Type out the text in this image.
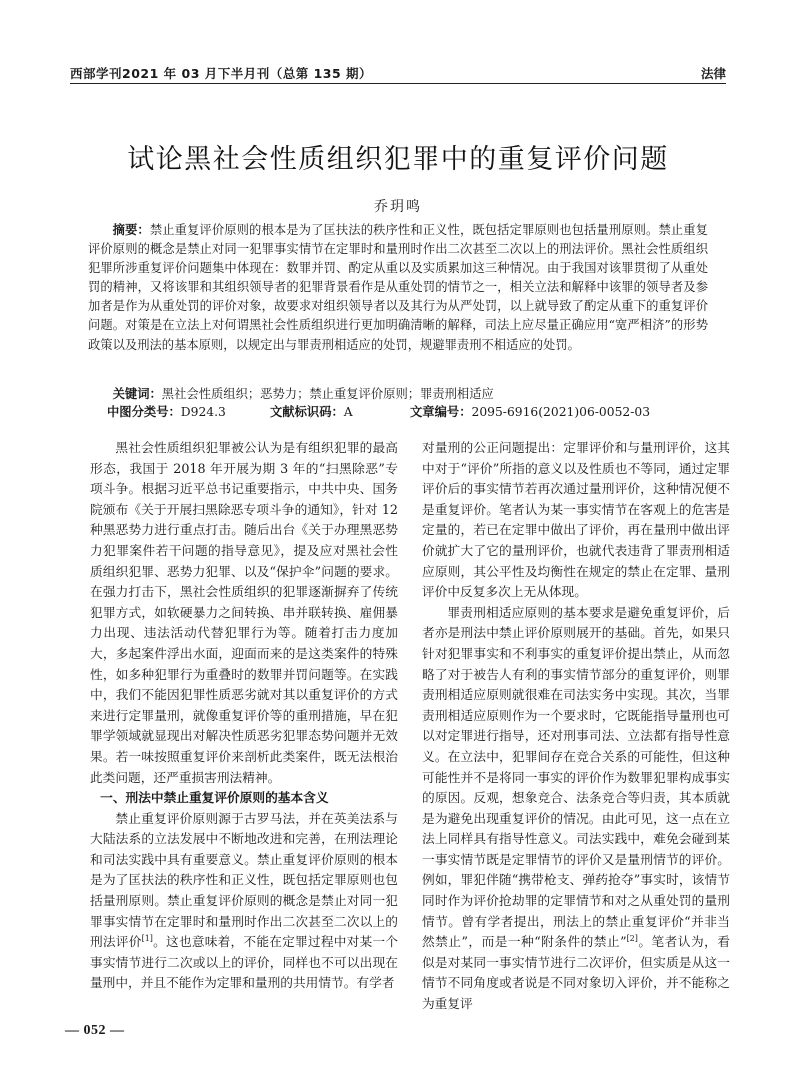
西部学刊2021 年 03 月下半月刊（总第 135 期）	法律
试论黑社会性质组织犯罪中的重复评价问题
乔玥鸣

摘要：禁止重复评价原则的根本是为了匡扶法的秩序性和正义性，既包括定罪原则也包括量刑原则。禁止重复评价原则的概念是禁止对同一犯罪事实情节在定罪时和量刑时作出二次甚至二次以上的刑法评价。黑社会性质组织犯罪所涉重复评价问题集中体现在：数罪并罚、酌定从重以及实质累加这三种情况。由于我国对该罪贯彻了从重处罚的精神，又将该罪和其组织领导者的犯罪背景看作是从重处罚的情节之一，相关立法和解释中该罪的领导者及参加者是作为从重处罚的评价对象，故要求对组织领导者以及其行为从严处罚，以上就导致了酌定从重下的重复评价问题。对策是在立法上对何谓黑社会性质组织进行更加明确清晰的解释，司法上应尽量正确应用“宽严相济”的形势政策以及刑法的基本原则，以规定出与罪责刑相适应的处罚，规避罪责刑不相适应的处罚。

关键词：黑社会性质组织；恶势力；禁止重复评价原则；罪责刑相适应
中图分类号：D924.3	文献标识码：A	文章编号：2095-6916(2021)06-0052-03

黑社会性质组织犯罪被公认为是有组织犯罪的最高形态，我国于 2018 年开展为期 3 年的“扫黑除恶”专项斗争。根据习近平总书记重要指示，中共中央、国务院颁布《关于开展扫黑除恶专项斗争的通知》，针对 12 种黑恶势力进行重点打击。随后出台《关于办理黑恶势力犯罪案件若干问题的指导意见》，提及应对黑社会性质组织犯罪、恶势力犯罪、以及“保护伞”问题的要求。在强力打击下，黑社会性质组织的犯罪逐渐摒弃了传统犯罪方式，如软硬暴力之间转换、串并联转换、雇佣暴力出现、违法活动代替犯罪行为等。随着打击力度加大，多起案件浮出水面，迎面而来的是这类案件的特殊性，如多种犯罪行为重叠时的数罪并罚问题等。在实践中，我们不能因犯罪性质恶劣就对其以重复评价的方式来进行定罪量刑，就像重复评价等的重刑措施，早在犯罪学领域就显现出对解决性质恶劣犯罪态势问题并无效果。若一味按照重复评价来剖析此类案件，既无法根治此类问题，还严重损害刑法精神。

一、刑法中禁止重复评价原则的基本含义

禁止重复评价原则源于古罗马法，并在英美法系与大陆法系的立法发展中不断地改进和完善，在刑法理论和司法实践中具有重要意义。禁止重复评价原则的根本是为了匡扶法的秩序性和正义性，既包括定罪原则也包括量刑原则。禁止重复评价原则的概念是禁止对同一犯罪事实情节在定罪时和量刑时作出二次甚至二次以上的刑法评价[1]。这也意味着，不能在定罪过程中对某一个事实情节进行二次或以上的评价，同样也不可以出现在量刑中，并且不能作为定罪和量刑的共用情节。有学者

对量刑的公正问题提出：定罪评价和与量刑评价，这其中对于“评价”所指的意义以及性质也不等同，通过定罪评价后的事实情节若再次通过量刑评价，这种情况便不是重复评价。笔者认为某一事实情节在客观上的危害是定量的，若已在定罪中做出了评价，再在量刑中做出评价就扩大了它的量刑评价，也就代表违背了罪责刑相适应原则，其公平性及均衡性在规定的禁止在定罪、量刑评价中反复多次上无从体现。

罪责刑相适应原则的基本要求是避免重复评价，后者亦是刑法中禁止评价原则展开的基础。首先，如果只针对犯罪事实和不利事实的重复评价提出禁止，从而忽略了对于被告人有利的事实情节部分的重复评价，则罪责刑相适应原则就很难在司法实务中实现。其次，当罪责刑相适应原则作为一个要求时，它既能指导量刑也可以对定罪进行指导，还对刑事司法、立法都有指导性意义。在立法中，犯罪间存在竞合关系的可能性，但这种可能性并不是将同一事实的评价作为数罪犯罪构成事实的原因。反观，想象竞合、法条竞合等归责，其本质就是为避免出现重复评价的情况。由此可见，这一点在立法上同样具有指导性意义。司法实践中，难免会碰到某一事实情节既是定罪情节的评价又是量刑情节的评价。例如，罪犯伴随“携带枪支、弹药抢夺”事实时，该情节同时作为评价抢劫罪的定罪情节和对之从重处罚的量刑情节。曾有学者提出，刑法上的禁止重复评价“并非当然禁止”，而是一种“附条件的禁止”[2]。笔者认为，看似是对某同一事实情节进行二次评价，但实质是从这一情节不同角度或者说是不同对象切入评价，并不能称之为重复评

— 052 —
